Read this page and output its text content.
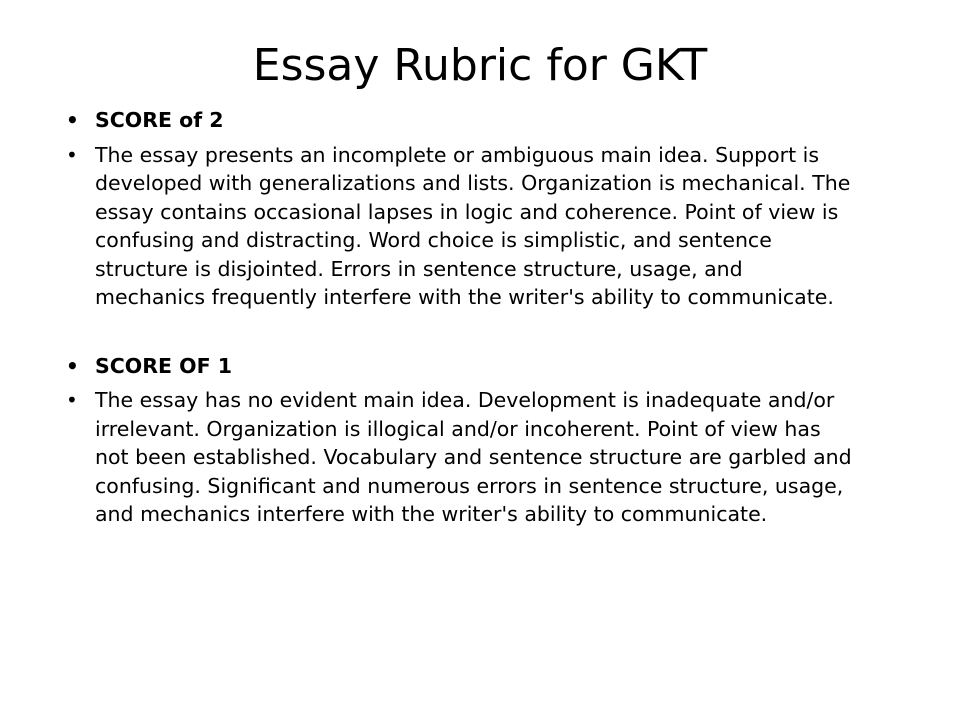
Essay Rubric for GKT
• SCORE of 2
• The essay presents an incomplete or ambiguous main idea. Support is developed with generalizations and lists. Organization is mechanical. The essay contains occasional lapses in logic and coherence. Point of view is confusing and distracting. Word choice is simplistic, and sentence structure is disjointed. Errors in sentence structure, usage, and mechanics frequently interfere with the writer's ability to communicate.
• SCORE OF 1
• The essay has no evident main idea. Development is inadequate and/or irrelevant. Organization is illogical and/or incoherent. Point of view has not been established. Vocabulary and sentence structure are garbled and confusing. Significant and numerous errors in sentence structure, usage, and mechanics interfere with the writer's ability to communicate.
